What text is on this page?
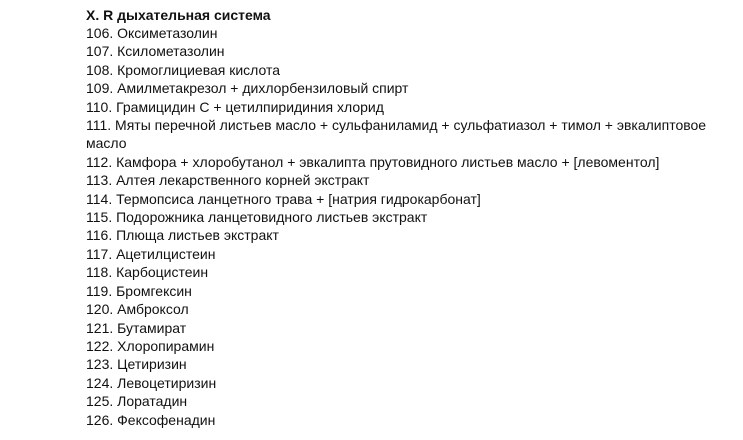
X. R дыхательная система
106. Оксиметазолин
107. Ксилометазолин
108. Кромоглициевая кислота
109. Амилметакрезол + дихлорбензиловый спирт
110. Грамицидин С + цетилпиридиния хлорид
111. Мяты перечной листьев масло + сульфаниламид + сульфатиазол + тимол + эвкалиптовое масло
112. Камфора + хлоробутанол + эвкалипта прутовидного листьев масло + [левоментол]
113. Алтея лекарственного корней экстракт
114. Термопсиса ланцетного трава + [натрия гидрокарбонат]
115. Подорожника ланцетовидного листьев экстракт
116. Плюща листьев экстракт
117. Ацетилцистеин
118. Карбоцистеин
119. Бромгексин
120. Амброксол
121. Бутамират
122. Хлоропирамин
123. Цетиризин
124. Левоцетиризин
125. Лоратадин
126. Фексофенадин
